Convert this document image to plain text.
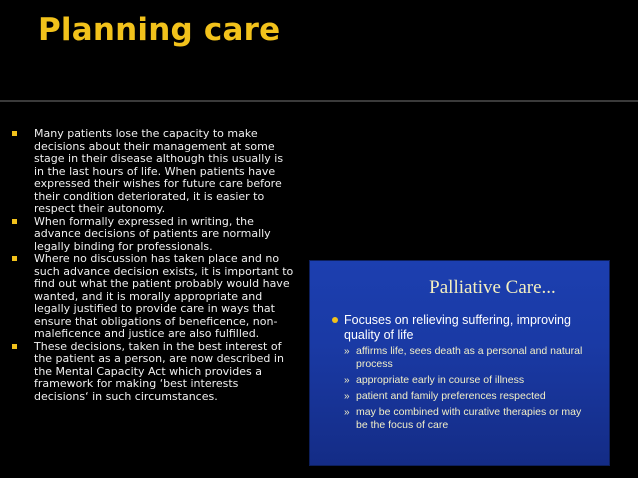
Planning care
Many patients lose the capacity to make decisions about their management at some stage in their disease although this usually is in the last hours of life. When patients have expressed their wishes for future care before their condition deteriorated, it is easier to respect their autonomy.
When formally expressed in writing, the advance decisions of patients are normally legally binding for professionals.
Where no discussion has taken place and no such advance decision exists, it is important to find out what the patient probably would have wanted, and it is morally appropriate and legally justified to provide care in ways that ensure that obligations of beneficence, non-maleficence and justice are also fulfilled.
These decisions, taken in the best interest of the patient as a person, are now described in the Mental Capacity Act which provides a framework for making ‘best interests decisions‘ in such circumstances.
Palliative Care...
Focuses on relieving suffering, improving quality of life
» affirms life, sees death as a personal and natural process
» appropriate early in course of illness
» patient and family preferences respected
» may be combined with curative therapies or may be the focus of care
